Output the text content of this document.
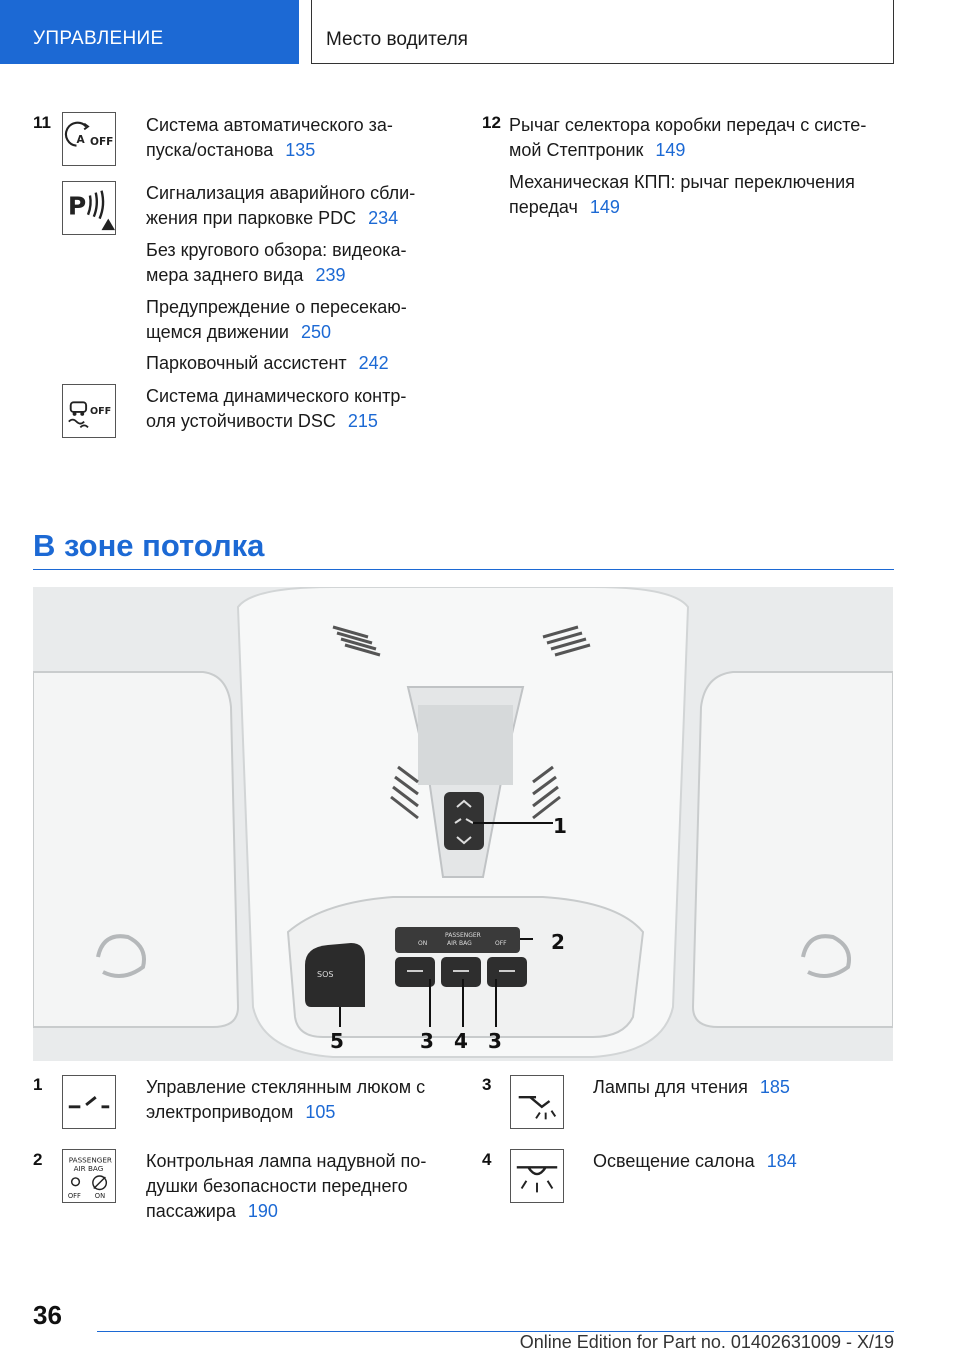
УПРАВЛЕНИЕ	Место водителя
11
A OFF
Система автоматического за-
пуска/останова 135
P	Сигнализация аварийного сбли-
жения при парковке PDC 234
Без кругового обзора: видеока-
мера заднего вида 239
Предупреждение о пересекаю-
щемся движении 250
Парковочный ассистент 242
OFF
Система динамического контр-
оля устойчивости DSC 215
12 Рычаг селектора коробки передач с систе-
мой Стептроник 149
Механическая КПП: рычаг переключения
передач 149
В зоне потолка
PASSENGER
AIR BAG
ON	OFF
SOS
1
2
3 4 3
5
1	Управление стеклянным люком с
электроприводом 105
2	PASSENGER
AIR BAG
OFF ON
Контрольная лампа надувной по-
душки безопасности переднего
пассажира 190
3	Лампы для чтения 185
4	Освещение салона 184
36
Online Edition for Part no. 01402631009 - X/19
